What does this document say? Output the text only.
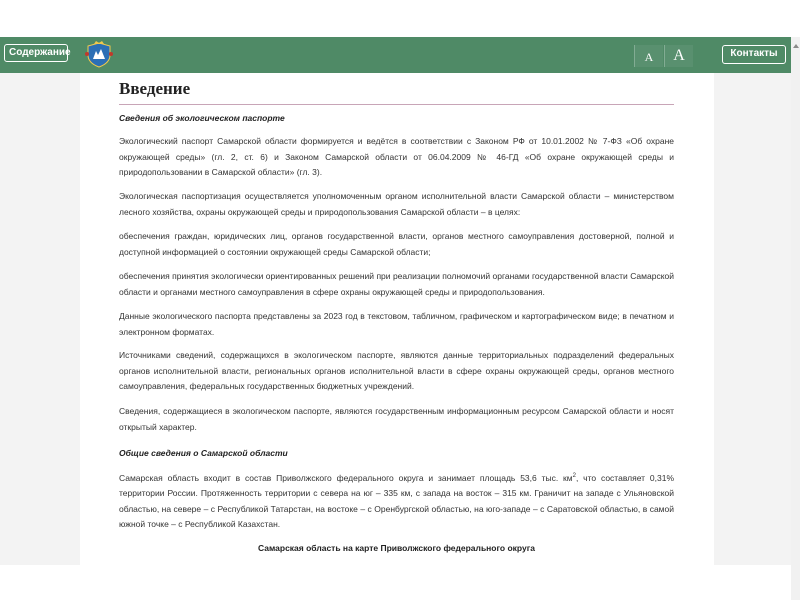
Содержание	A	A	Контакты
Введение

Сведения об экологическом паспорте

Экологический паспорт Самарской области формируется и ведётся в соответствии с Законом РФ от 10.01.2002 № 7-ФЗ «Об охране окружающей среды» (гл. 2, ст. 6) и Законом Самарской области от 06.04.2009 № 46-ГД «Об охране окружающей среды и природопользовании в Самарской области» (гл. 3).

Экологическая паспортизация осуществляется уполномоченным органом исполнительной власти Самарской области – министерством лесного хозяйства, охраны окружающей среды и природопользования Самарской области – в целях:

обеспечения граждан, юридических лиц, органов государственной власти, органов местного самоуправления достоверной, полной и доступной информацией о состоянии окружающей среды Самарской области;

обеспечения принятия экологически ориентированных решений при реализации полномочий органами государственной власти Самарской области и органами местного самоуправления в сфере охраны окружающей среды и природопользования.

Данные экологического паспорта представлены за 2023 год в текстовом, табличном, графическом и картографическом виде; в печатном и электронном форматах.

Источниками сведений, содержащихся в экологическом паспорте, являются данные территориальных подразделений федеральных органов исполнительной власти, региональных органов исполнительной власти в сфере охраны окружающей среды, органов местного самоуправления, федеральных государственных бюджетных учреждений.

Сведения, содержащиеся в экологическом паспорте, являются государственным информационным ресурсом Самарской области и носят открытый характер.

Общие сведения о Самарской области

Самарская область входит в состав Приволжского федерального округа и занимает площадь 53,6 тыс. $км^2$, что составляет 0,31% территории России. Протяженность территории с севера на юг – 335 км, с запада на восток – 315 км. Граничит на западе с Ульяновской областью, на севере – с Республикой Татарстан, на востоке – с Оренбургской областью, на юго-западе – с Саратовской областью, в самой южной точке – с Республикой Казахстан.

Самарская область на карте Приволжского федерального округа
